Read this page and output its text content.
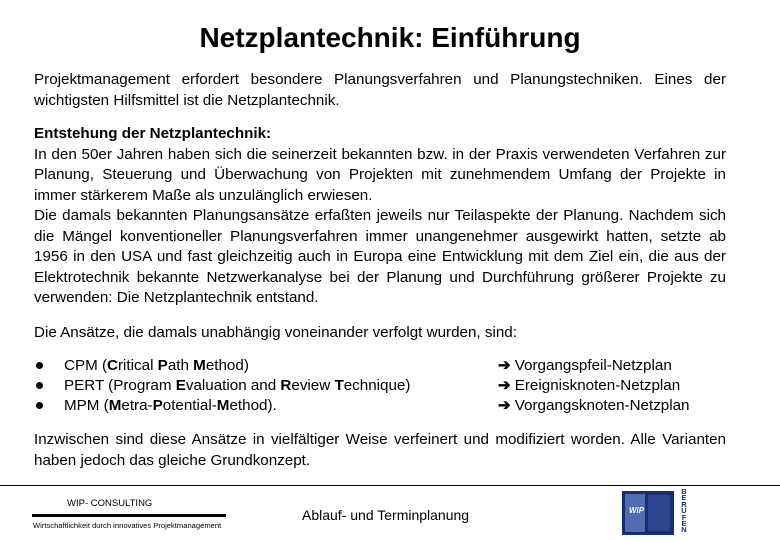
Netzplantechnik: Einführung

Projektmanagement erfordert besondere Planungsverfahren und Planungstechniken. Eines der wichtigsten Hilfsmittel ist die Netzplantechnik.

Entstehung der Netzplantechnik:
In den 50er Jahren haben sich die seinerzeit bekannten bzw. in der Praxis verwendeten Verfahren zur Planung, Steuerung und Überwachung von Projekten mit zunehmendem Umfang der Projekte in immer stärkerem Maße als unzulänglich erwiesen.
Die damals bekannten Planungsansätze erfaßten jeweils nur Teilaspekte der Planung. Nachdem sich die Mängel konventioneller Planungsverfahren immer unangenehmer ausgewirkt hatten, setzte ab 1956 in den USA und fast gleichzeitig auch in Europa eine Entwicklung mit dem Ziel ein, die aus der Elektrotechnik bekannte Netzwerkanalyse bei der Planung und Durchführung größerer Projekte zu verwenden: Die Netzplantechnik entstand.

Die Ansätze, die damals unabhängig voneinander verfolgt wurden, sind:

CPM (Critical Path Method)	➔ Vorgangspfeil-Netzplan
PERT (Program Evaluation and Review Technique)	➔ Ereignisknoten-Netzplan
MPM (Metra-Potential-Method).	➔ Vorgangsknoten-Netzplan

Inzwischen sind diese Ansätze in vielfältiger Weise verfeinert und modifiziert worden. Alle Varianten haben jedoch das gleiche Grundkonzept.

WIP- CONSULTING
Wirtschaftlichkeit durch innovatives Projektmanagement
Ablauf- und Terminplanung	WiP
B
E
R
U
F
E
N
